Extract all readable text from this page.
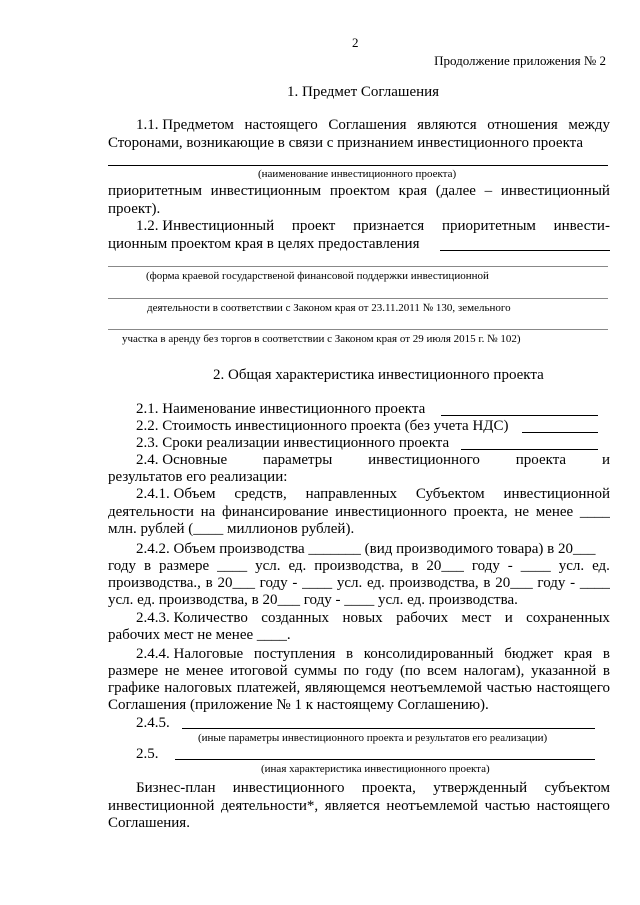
2
Продолжение приложения № 2
1. Предмет Соглашения
1.1. Предметом настоящего Соглашения являются отношения между
Сторонами, возникающие в связи с признанием инвестиционного проекта
(наименование инвестиционного проекта)
приоритетным инвестиционным проектом края (далее – инвестиционный
проект).
1.2. Инвестиционный проект признается приоритетным инвести-
ционным проектом края в целях предоставления
(форма краевой государственой финансовой поддержки инвестиционной
деятельности в соответствии с Законом края от 23.11.2011 № 130, земельного
участка в аренду без торгов в соответствии с Законом края от 29 июля 2015 г. № 102)
2. Общая характеристика инвестиционного проекта
2.1. Наименование инвестиционного проекта
2.2. Стоимость инвестиционного проекта (без учета НДС)
2.3. Сроки реализации инвестиционного проекта
2.4. Основные параметры инвестиционного проекта и
результатов его реализации:
2.4.1. Объем средств, направленных Субъектом инвестиционной
деятельности на финансирование инвестиционного проекта, не менее ____
млн. рублей (____ миллионов рублей).
2.4.2. Объем производства _______ (вид производимого товара) в 20___
году в размере ____ усл. ед. производства, в 20___ году - ____ усл. ед.
производства., в 20___ году - ____ усл. ед. производства, в 20___ году - ____
усл. ед. производства, в 20___ году - ____ усл. ед. производства.
2.4.3. Количество созданных новых рабочих мест и сохраненных
рабочих мест не менее ____.
2.4.4. Налоговые поступления в консолидированный бюджет края в
размере не менее итоговой суммы по году (по всем налогам), указанной в
графике налоговых платежей, являющемся неотъемлемой частью настоящего
Соглашения (приложение № 1 к настоящему Соглашению).
2.4.5.
(иные параметры инвестиционного проекта и результатов его реализации)
2.5.
(иная характеристика инвестиционного проекта)
Бизнес-план инвестиционного проекта, утвержденный субъектом
инвестиционной деятельности*, является неотъемлемой частью настоящего
Соглашения.
